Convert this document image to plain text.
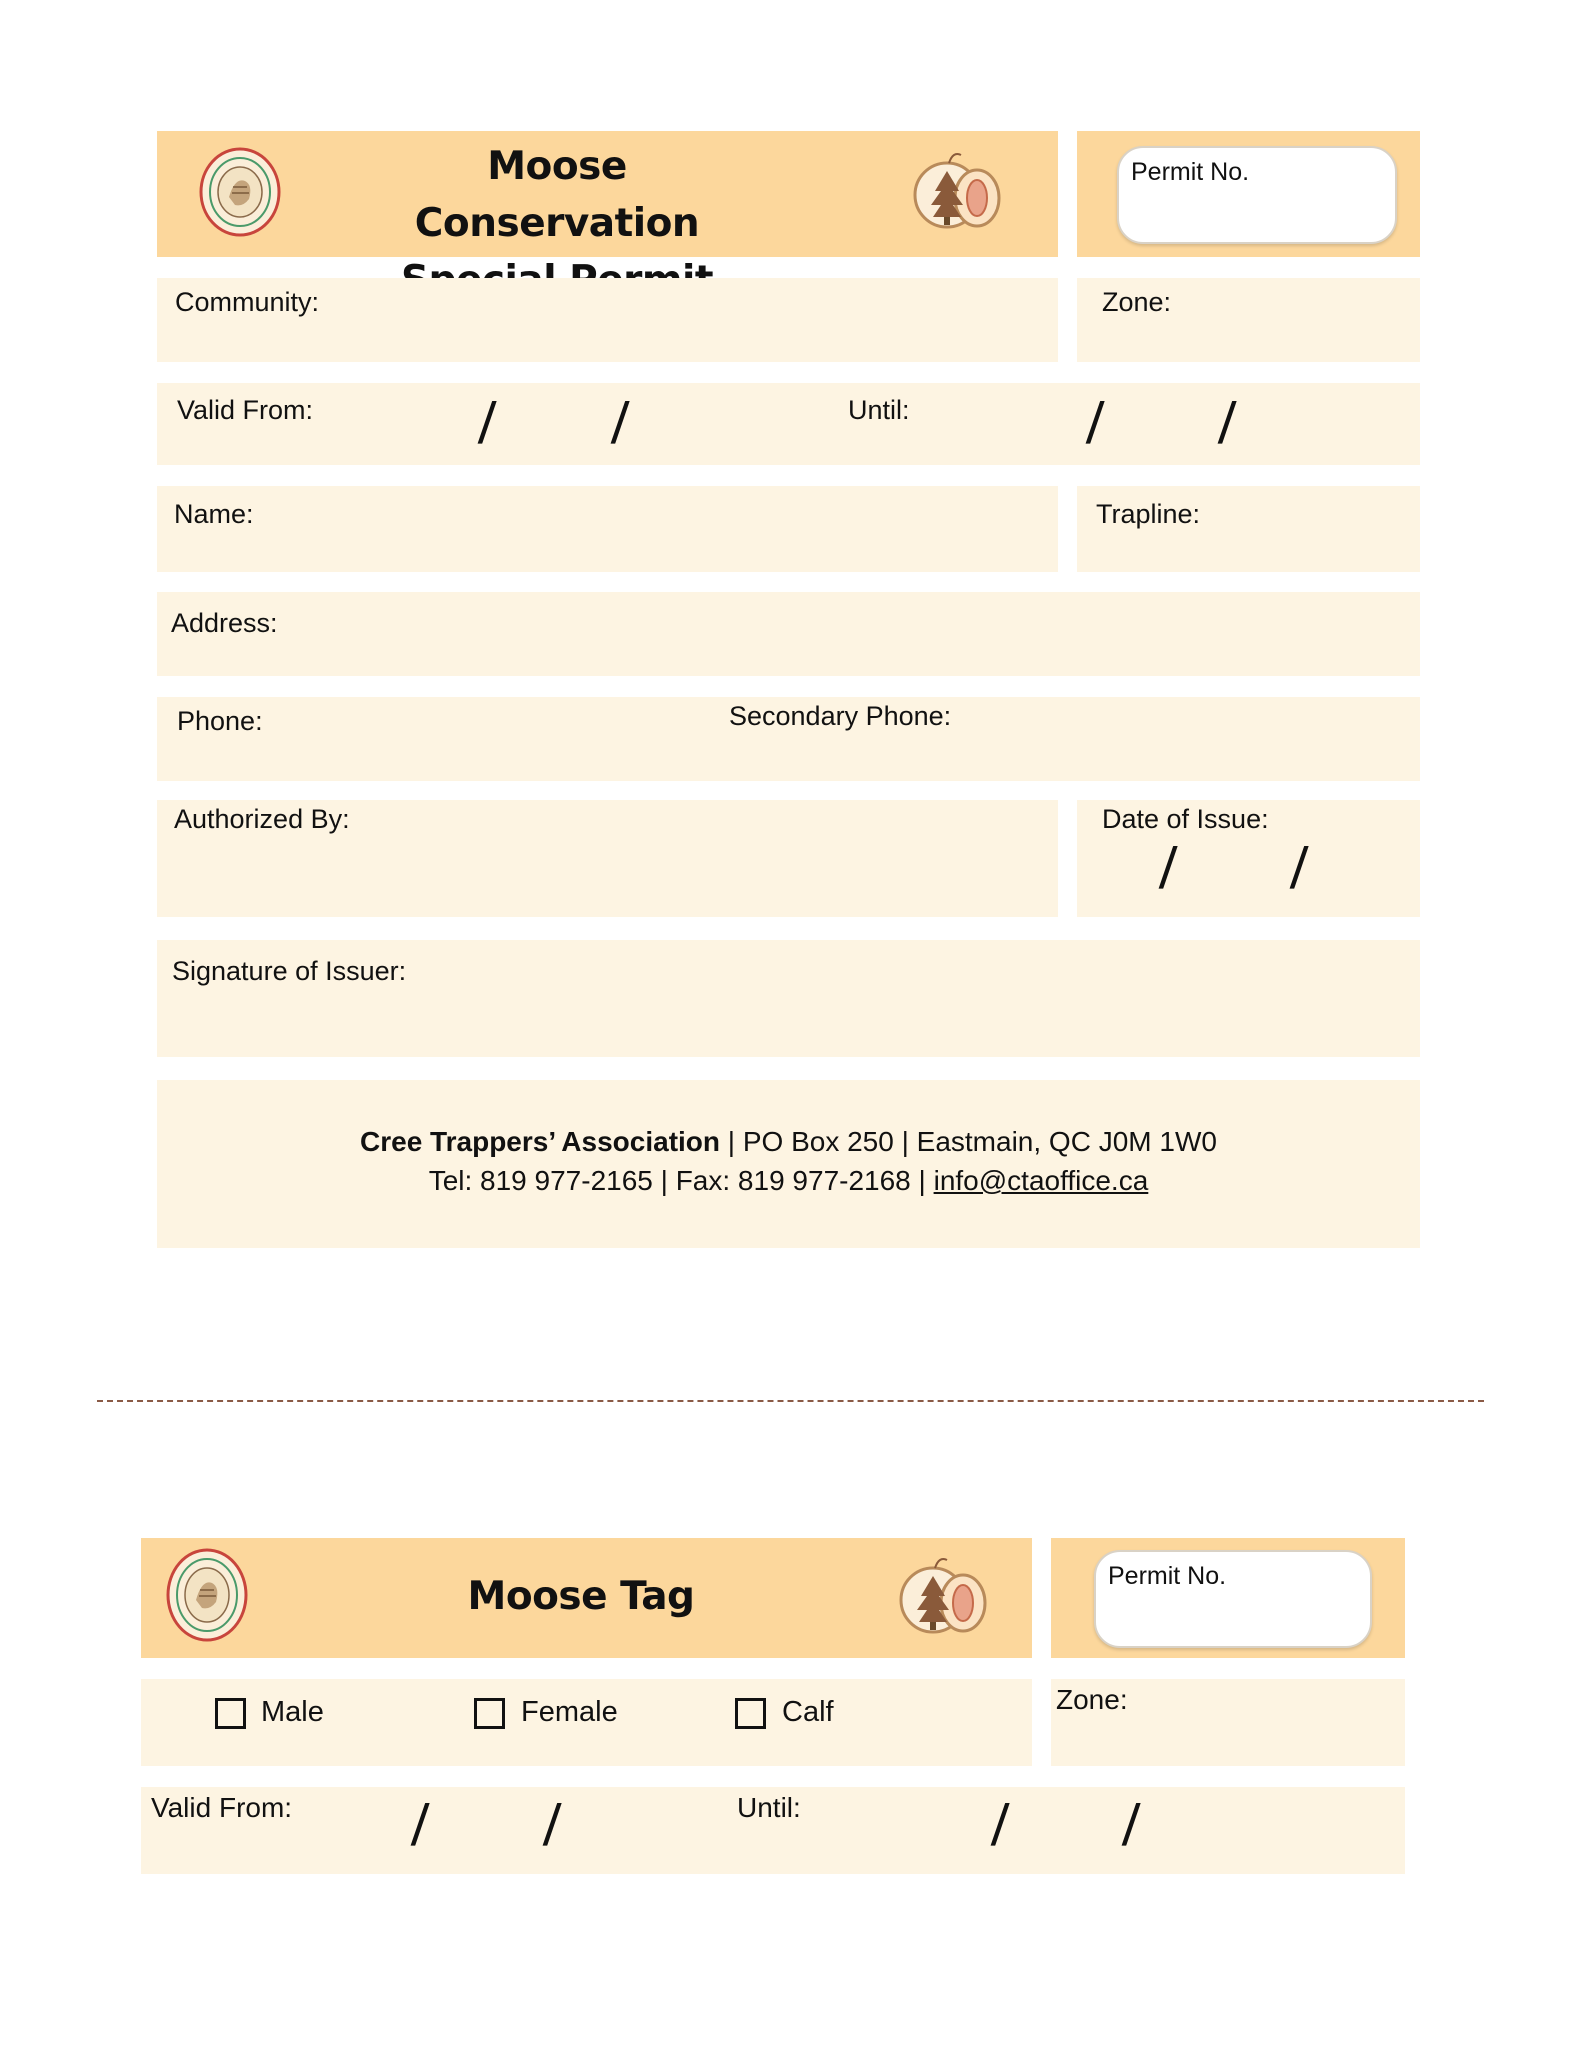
Moose Conservation
Permit No.
Community:	Zone:
Valid From:	/ /	Until:	/ /
Name:	Trapline:
Address:
Phone:	Secondary Phone:
Authorized By:	Date of Issue:
/ /
Signature of Issuer:
Cree Trappers’ Association | PO Box 250 | Eastmain, QC J0M 1W0
Tel: 819 977-2165 | Fax: 819 977-2168 | info@ctaoffice.ca
Moose Tag	Permit No.
Male	Female	Calf	Zone:
Valid From: / /	Until:	/ /
